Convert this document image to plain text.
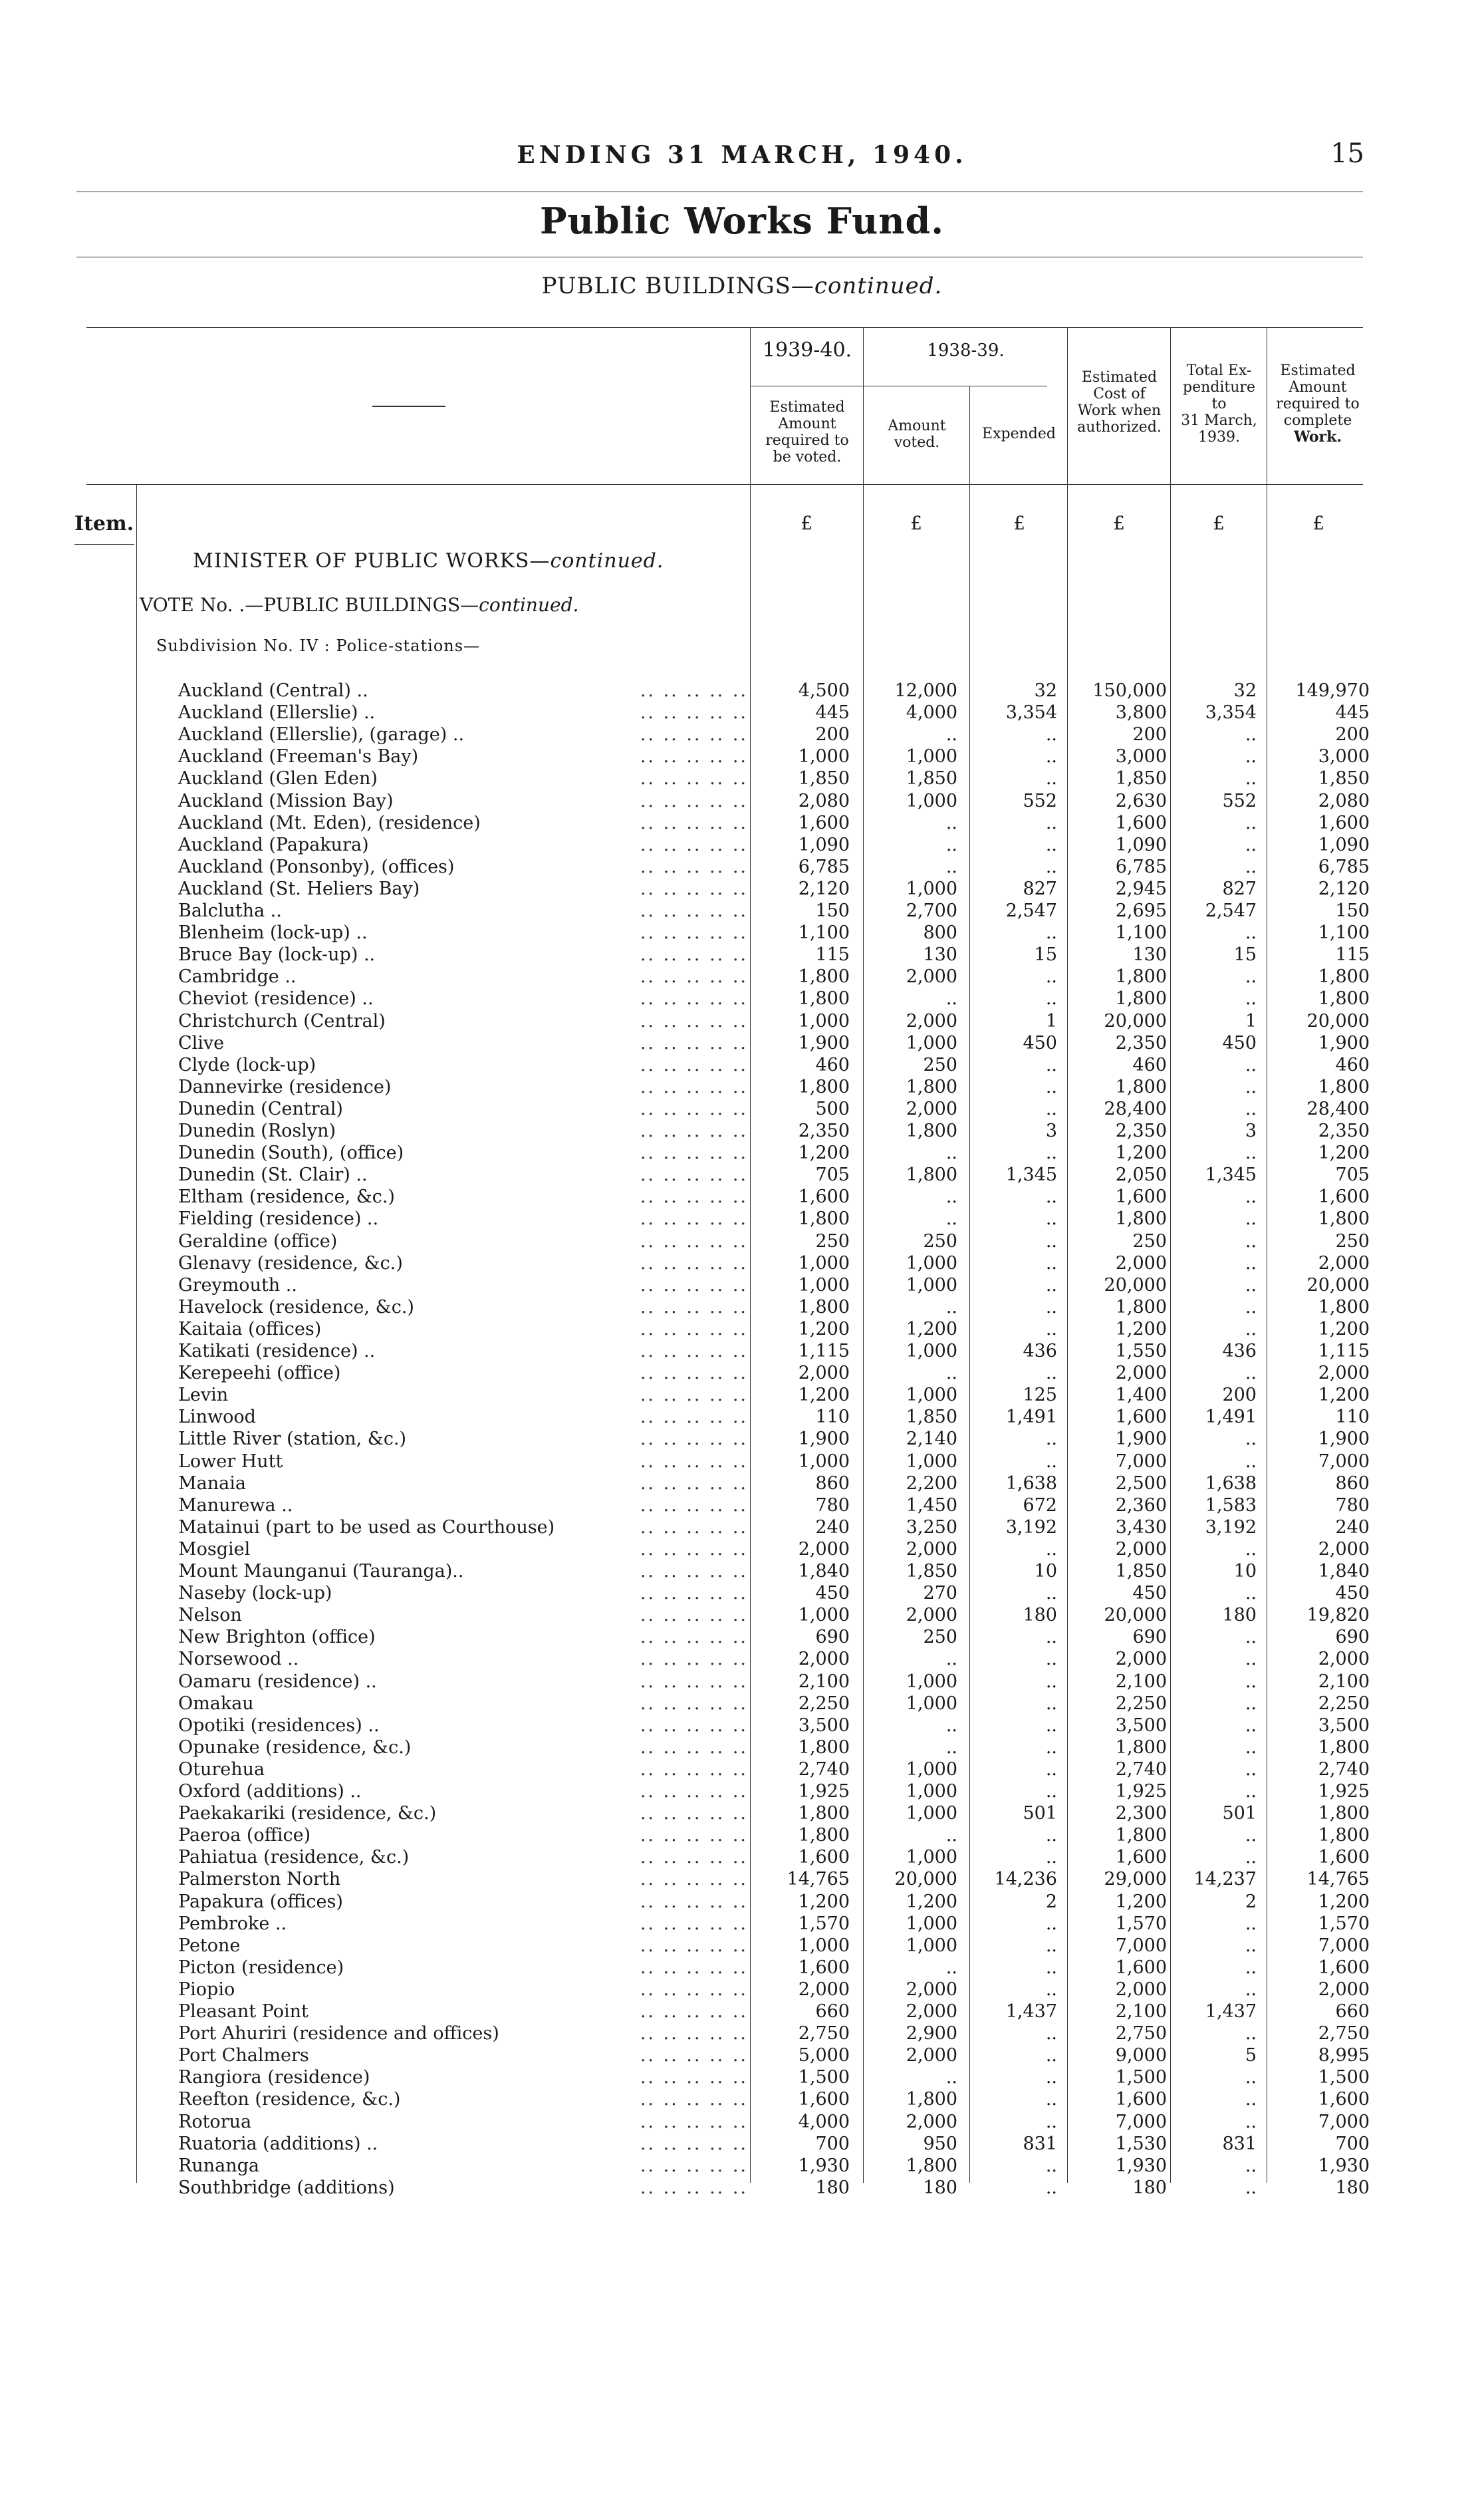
ENDING 31 MARCH, 1940.	15
Public Works Fund.
PUBLIC BUILDINGS—continued.
1939-40.	1938-39.
Estimated
Amount
required to
be voted.
Amount
voted.
Expended
Estimated
Cost of
Work when
authorized.
Total Ex-
penditure
to
31 March,
1939.
Estimated
Amount
required to
complete
Work.
£	£	£	£	£	£
Item.
MINISTER OF PUBLIC WORKS—continued.
VOTE No. .—PUBLIC BUILDINGS—continued.
Subdivision No. IV : Police-stations—
Auckland (Central) ..	.. .. .. .. ..	4,500	12,000	32	150,000	32	149,970
Auckland (Ellerslie) ..	.. .. .. .. ..	445	4,000	3,354	3,800	3,354	445
Auckland (Ellerslie), (garage) ..	.. .. .. .. ..	200	..	..	200	..	200
Auckland (Freeman's Bay)	.. .. .. .. ..	1,000	1,000	..	3,000	..	3,000
Auckland (Glen Eden)	.. .. .. .. ..	1,850	1,850	..	1,850	..	1,850
Auckland (Mission Bay)	.. .. .. .. ..	2,080	1,000	552	2,630	552	2,080
Auckland (Mt. Eden), (residence)	.. .. .. .. ..	1,600	..	..	1,600	..	1,600
Auckland (Papakura)	.. .. .. .. ..	1,090	..	..	1,090	..	1,090
Auckland (Ponsonby), (offices)	.. .. .. .. ..	6,785	..	..	6,785	..	6,785
Auckland (St. Heliers Bay)	.. .. .. .. ..	2,120	1,000	827	2,945	827	2,120
Balclutha ..	.. .. .. .. ..	150	2,700	2,547	2,695	2,547	150
Blenheim (lock-up) ..	.. .. .. .. ..	1,100	800	..	1,100	..	1,100
Bruce Bay (lock-up) ..	.. .. .. .. ..	115	130	15	130	15	115
Cambridge ..	.. .. .. .. ..	1,800	2,000	..	1,800	..	1,800
Cheviot (residence) ..	.. .. .. .. ..	1,800	..	..	1,800	..	1,800
Christchurch (Central)	.. .. .. .. ..	1,000	2,000	1	20,000	1	20,000
Clive	.. .. .. .. ..	1,900	1,000	450	2,350	450	1,900
Clyde (lock-up)	.. .. .. .. ..	460	250	..	460	..	460
Dannevirke (residence)	.. .. .. .. ..	1,800	1,800	..	1,800	..	1,800
Dunedin (Central)	.. .. .. .. ..	500	2,000	..	28,400	..	28,400
Dunedin (Roslyn)	.. .. .. .. ..	2,350	1,800	3	2,350	3	2,350
Dunedin (South), (office)	.. .. .. .. ..	1,200	..	..	1,200	..	1,200
Dunedin (St. Clair) ..	.. .. .. .. ..	705	1,800	1,345	2,050	1,345	705
Eltham (residence, &c.)	.. .. .. .. ..	1,600	..	..	1,600	..	1,600
Fielding (residence) ..	.. .. .. .. ..	1,800	..	..	1,800	..	1,800
Geraldine (office)	.. .. .. .. ..	250	250	..	250	..	250
Glenavy (residence, &c.)	.. .. .. .. ..	1,000	1,000	..	2,000	..	2,000
Greymouth ..	.. .. .. .. ..	1,000	1,000	..	20,000	..	20,000
Havelock (residence, &c.)	.. .. .. .. ..	1,800	..	..	1,800	..	1,800
Kaitaia (offices)	.. .. .. .. ..	1,200	1,200	..	1,200	..	1,200
Katikati (residence) ..	.. .. .. .. ..	1,115	1,000	436	1,550	436	1,115
Kerepeehi (office)	.. .. .. .. ..	2,000	..	..	2,000	..	2,000
Levin	.. .. .. .. ..	1,200	1,000	125	1,400	200	1,200
Linwood	.. .. .. .. ..	110	1,850	1,491	1,600	1,491	110
Little River (station, &c.)	.. .. .. .. ..	1,900	2,140	..	1,900	..	1,900
Lower Hutt	.. .. .. .. ..	1,000	1,000	..	7,000	..	7,000
Manaia	.. .. .. .. ..	860	2,200	1,638	2,500	1,638	860
Manurewa ..	.. .. .. .. ..	780	1,450	672	2,360	1,583	780
Matainui (part to be used as Courthouse)	.. .. .. .. ..	240	3,250	3,192	3,430	3,192	240
Mosgiel	.. .. .. .. ..	2,000	2,000	..	2,000	..	2,000
Mount Maunganui (Tauranga)..	.. .. .. .. ..	1,840	1,850	10	1,850	10	1,840
Naseby (lock-up)	.. .. .. .. ..	450	270	..	450	..	450
Nelson	.. .. .. .. ..	1,000	2,000	180	20,000	180	19,820
New Brighton (office)	.. .. .. .. ..	690	250	..	690	..	690
Norsewood ..	.. .. .. .. ..	2,000	..	..	2,000	..	2,000
Oamaru (residence) ..	.. .. .. .. ..	2,100	1,000	..	2,100	..	2,100
Omakau	.. .. .. .. ..	2,250	1,000	..	2,250	..	2,250
Opotiki (residences) ..	.. .. .. .. ..	3,500	..	..	3,500	..	3,500
Opunake (residence, &c.)	.. .. .. .. ..	1,800	..	..	1,800	..	1,800
Oturehua	.. .. .. .. ..	2,740	1,000	..	2,740	..	2,740
Oxford (additions) ..	.. .. .. .. ..	1,925	1,000	..	1,925	..	1,925
Paekakariki (residence, &c.)	.. .. .. .. ..	1,800	1,000	501	2,300	501	1,800
Paeroa (office)	.. .. .. .. ..	1,800	..	..	1,800	..	1,800
Pahiatua (residence, &c.)	.. .. .. .. ..	1,600	1,000	..	1,600	..	1,600
Palmerston North	.. .. .. .. ..	14,765	20,000	14,236	29,000	14,237	14,765
Papakura (offices)	.. .. .. .. ..	1,200	1,200	2	1,200	2	1,200
Pembroke ..	.. .. .. .. ..	1,570	1,000	..	1,570	..	1,570
Petone	.. .. .. .. ..	1,000	1,000	..	7,000	..	7,000
Picton (residence)	.. .. .. .. ..	1,600	..	..	1,600	..	1,600
Piopio	.. .. .. .. ..	2,000	2,000	..	2,000	..	2,000
Pleasant Point	.. .. .. .. ..	660	2,000	1,437	2,100	1,437	660
Port Ahuriri (residence and offices)	.. .. .. .. ..	2,750	2,900	..	2,750	..	2,750
Port Chalmers	.. .. .. .. ..	5,000	2,000	..	9,000	5	8,995
Rangiora (residence)	.. .. .. .. ..	1,500	..	..	1,500	..	1,500
Reefton (residence, &c.)	.. .. .. .. ..	1,600	1,800	..	1,600	..	1,600
Rotorua	.. .. .. .. ..	4,000	2,000	..	7,000	..	7,000
Ruatoria (additions) ..	.. .. .. .. ..	700	950	831	1,530	831	700
Runanga	.. .. .. .. ..	1,930	1,800	..	1,930	..	1,930
Southbridge (additions)	.. .. .. .. ..	180	180	..	180	..	180
